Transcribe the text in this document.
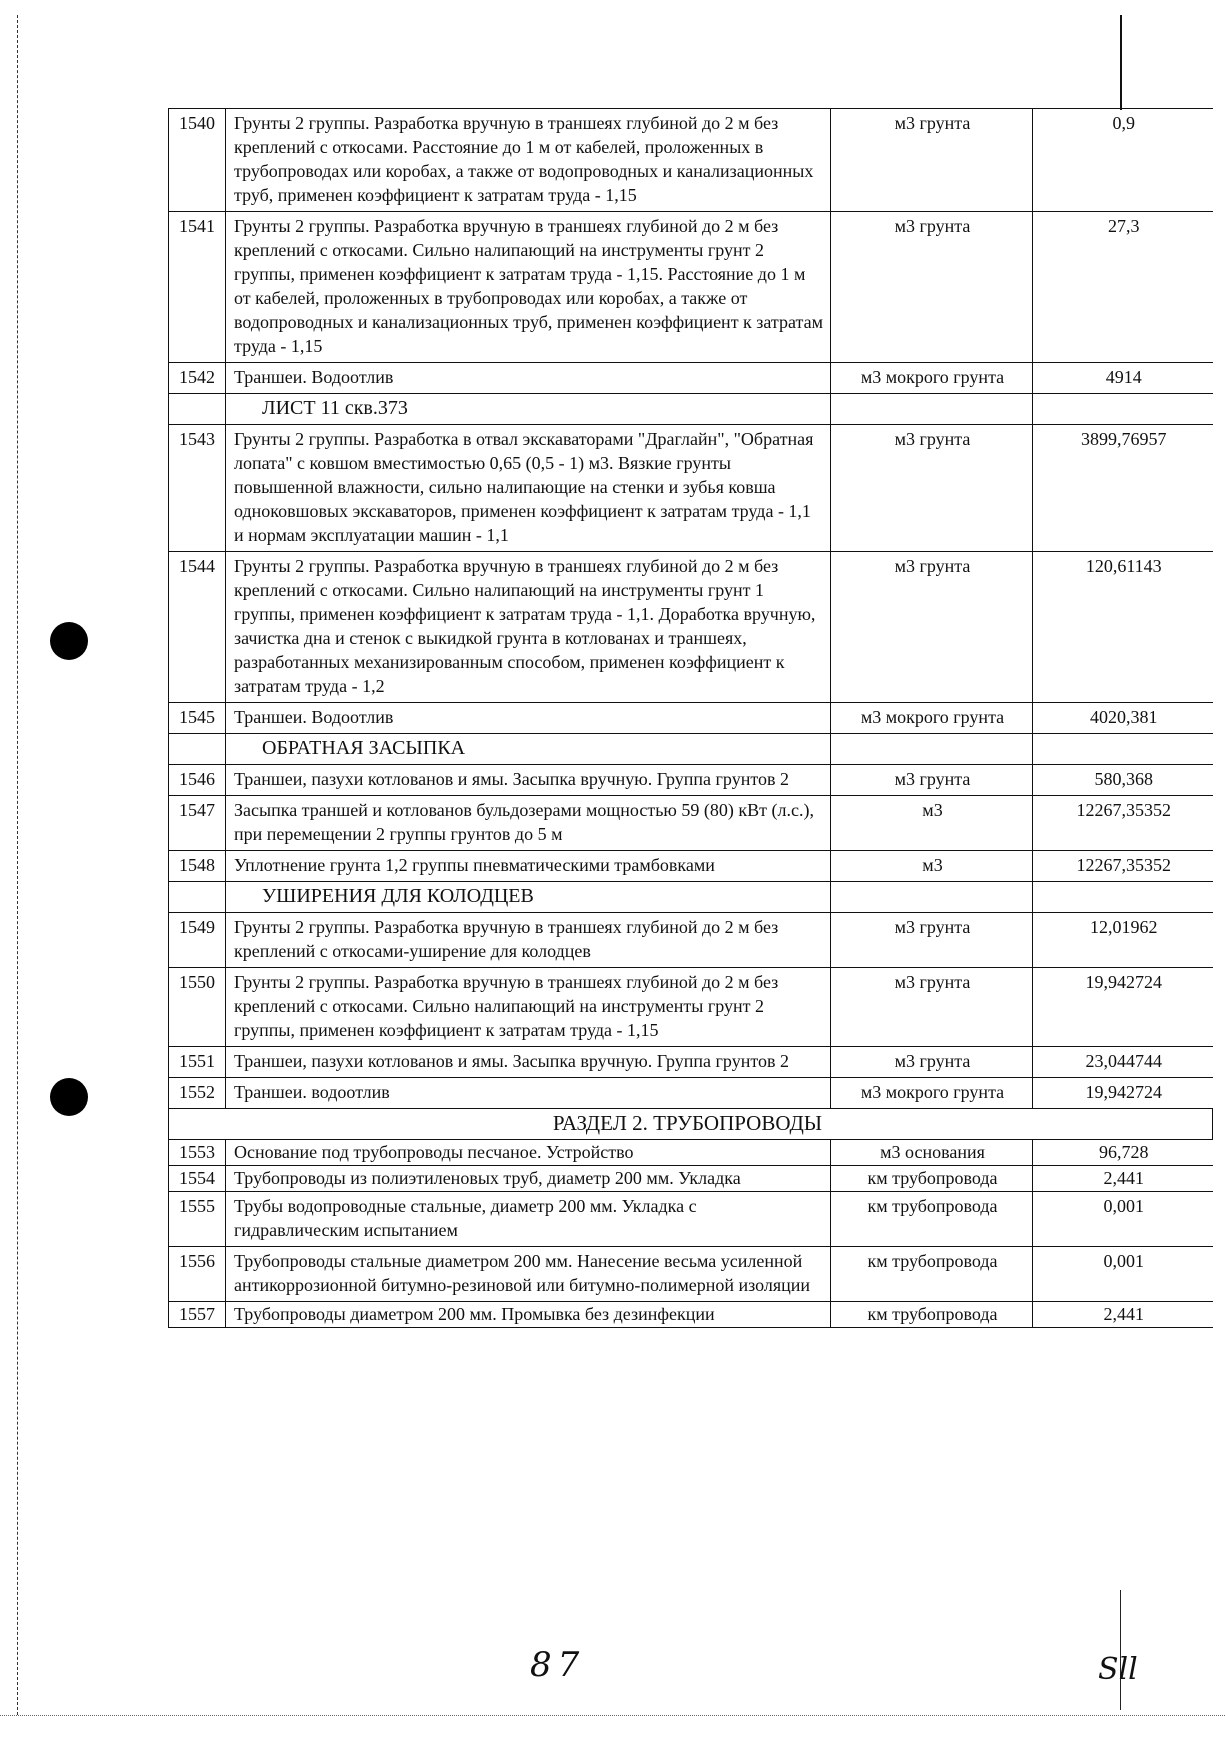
1540	Грунты 2 группы. Разработка вручную в траншеях глубиной до 2 м без креплений с откосами. Расстояние до 1 м от кабелей, проложенных в трубопроводах или коробах, а также от водопроводных и канализационных труб, применен коэффициент к затратам труда - 1,15	м3 грунта	0,9
1541	Грунты 2 группы. Разработка вручную в траншеях глубиной до 2 м без креплений с откосами. Сильно налипающий на инструменты грунт 2 группы, применен коэффициент к затратам труда - 1,15. Расстояние до 1 м от кабелей, проложенных в трубопроводах или коробах, а также от водопроводных и канализационных труб, применен коэффициент к затратам труда - 1,15	м3 грунта	27,3
1542	Траншеи. Водоотлив	м3 мокрого грунта	4914
	ЛИСТ 11 скв.373		
1543	Грунты 2 группы. Разработка в отвал экскаваторами "Драглайн", "Обратная лопата" с ковшом вместимостью 0,65 (0,5 - 1) м3. Вязкие грунты повышенной влажности, сильно налипающие на стенки и зубья ковша одноковшовых экскаваторов, применен коэффициент к затратам труда - 1,1 и нормам эксплуатации машин - 1,1	м3 грунта	3899,76957
1544	Грунты 2 группы. Разработка вручную в траншеях глубиной до 2 м без креплений с откосами. Сильно налипающий на инструменты грунт 1 группы, применен коэффициент к затратам труда - 1,1. Доработка вручную, зачистка дна и стенок с выкидкой грунта в котлованах и траншеях, разработанных механизированным способом, применен коэффициент к затратам труда - 1,2	м3 грунта	120,61143
1545	Траншеи. Водоотлив	м3 мокрого грунта	4020,381
	ОБРАТНАЯ ЗАСЫПКА		
1546	Траншеи, пазухи котлованов и ямы. Засыпка вручную. Группа грунтов 2	м3 грунта	580,368
1547	Засыпка траншей и котлованов бульдозерами мощностью 59 (80) кВт (л.с.), при перемещении 2 группы грунтов до 5 м	м3	12267,35352
1548	Уплотнение грунта 1,2 группы пневматическими трамбовками	м3	12267,35352
	УШИРЕНИЯ ДЛЯ КОЛОДЦЕВ		
1549	Грунты 2 группы. Разработка вручную в траншеях глубиной до 2 м без креплений с откосами-уширение для колодцев	м3 грунта	12,01962
1550	Грунты 2 группы. Разработка вручную в траншеях глубиной до 2 м без креплений с откосами. Сильно налипающий на инструменты грунт 2 группы, применен коэффициент к затратам труда - 1,15	м3 грунта	19,942724
1551	Траншеи, пазухи котлованов и ямы. Засыпка вручную. Группа грунтов 2	м3 грунта	23,044744
1552	Траншеи. водоотлив	м3 мокрого грунта	19,942724
РАЗДЕЛ 2. ТРУБОПРОВОДЫ			
1553	Основание под трубопроводы песчаное. Устройство	м3 основания	96,728
1554	Трубопроводы из полиэтиленовых труб, диаметр 200 мм. Укладка	км трубопровода	2,441
1555	Трубы водопроводные стальные, диаметр 200 мм. Укладка с гидравлическим испытанием	км трубопровода	0,001
1556	Трубопроводы стальные диаметром 200 мм. Нанесение весьма усиленной антикоррозионной битумно-резиновой или битумно-полимерной изоляции	км трубопровода	0,001
1557	Трубопроводы диаметром 200 мм. Промывка без дезинфекции	км трубопровода	2,441
87	Sll
